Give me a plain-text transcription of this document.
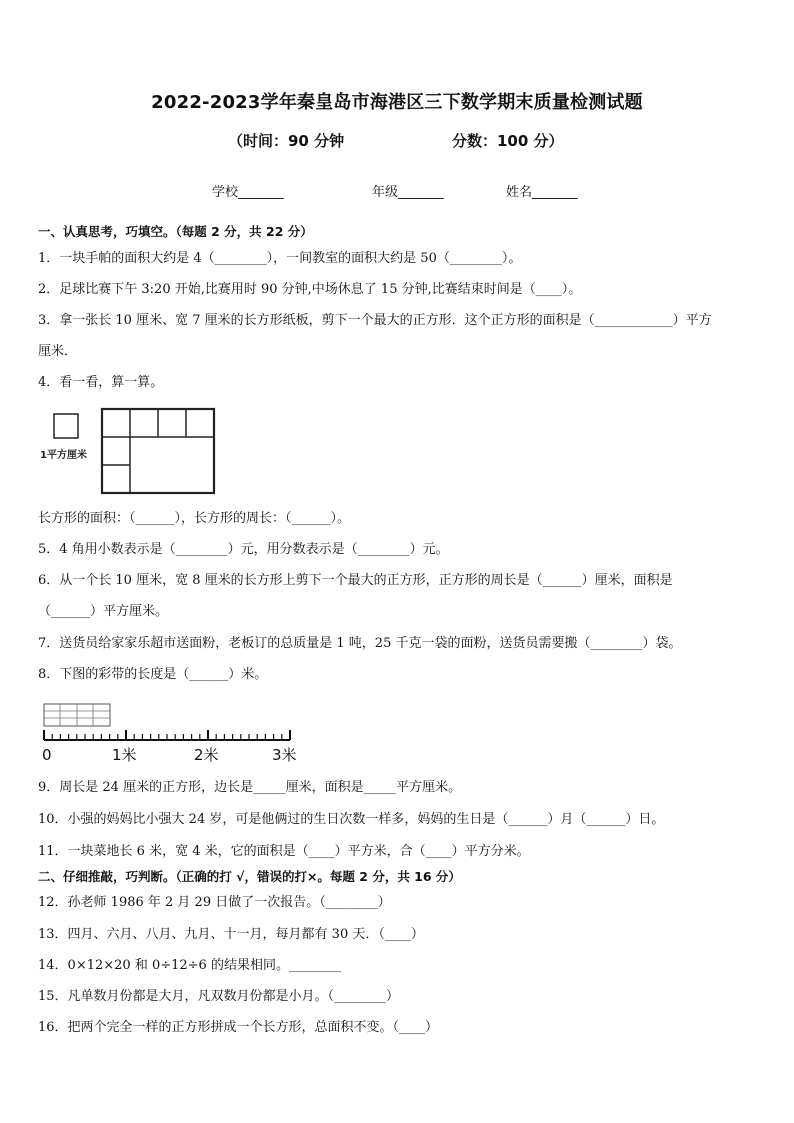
2022-2023学年秦皇岛市海港区三下数学期末质量检测试题
（时间：90 分钟	分数：100 分）
学校_______	年级_______	姓名_______
一、认真思考，巧填空。（每题 2 分，共 22 分）
1．一块手帕的面积大约是 4（________），一间教室的面积大约是 50（________）。
2．足球比赛下午 3:20 开始,比赛用时 90 分钟,中场休息了 15 分钟,比赛结束时间是（____）。
3．拿一张长 10 厘米、宽 7 厘米的长方形纸板，剪下一个最大的正方形．这个正方形的面积是（____________）平方
厘米．
4．看一看，算一算。
1平方厘米
长方形的面积：（______），长方形的周长：（______）。
5．4 角用小数表示是（________）元，用分数表示是（________）元。
6．从一个长 10 厘米，宽 8 厘米的长方形上剪下一个最大的正方形，正方形的周长是（______）厘米，面积是
（______）平方厘米。
7．送货员给家家乐超市送面粉，老板订的总质量是 1 吨，25 千克一袋的面粉，送货员需要搬（________）袋。
8．下图的彩带的长度是（______）米。
0	1米	2米	3米
9．周长是 24 厘米的正方形，边长是_____厘米，面积是_____平方厘米。
10．小强的妈妈比小强大 24 岁，可是他俩过的生日次数一样多，妈妈的生日是（______）月（______）日。
11．一块菜地长 6 米，宽 4 米，它的面积是（____）平方米，合（____）平方分米。
二、仔细推敲，巧判断。（正确的打 √，错误的打×。每题 2 分，共 16 分）
12．孙老师 1986 年 2 月 29 日做了一次报告。（________）
13．四月、六月、八月、九月、十一月，每月都有 30 天．（____）
14．0×12×20 和 0÷12÷6 的结果相同。________
15．凡单数月份都是大月，凡双数月份都是小月。（________）
16．把两个完全一样的正方形拼成一个长方形，总面积不变。（____）
